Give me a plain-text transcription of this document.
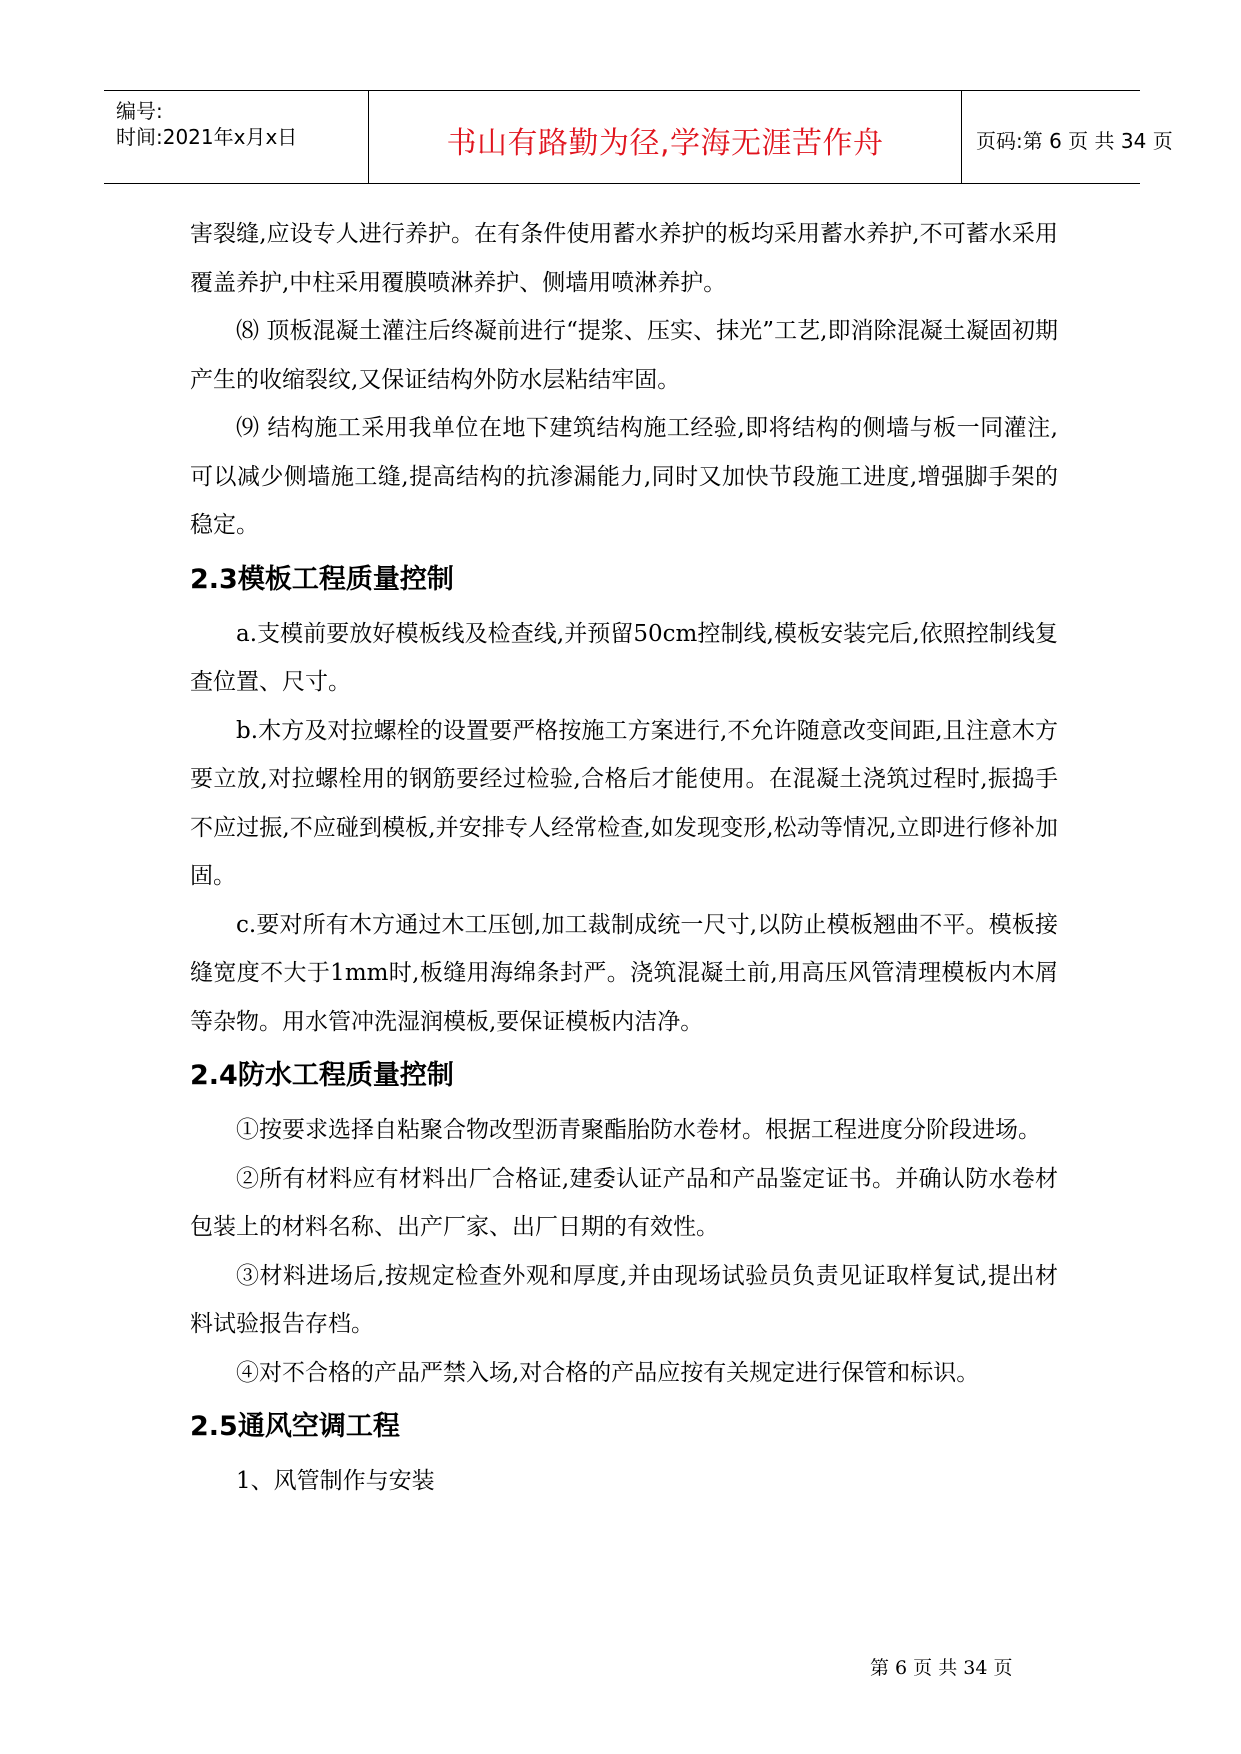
编号:
时间:2021年x月x日	书山有路勤为径,学海无涯苦作舟	页码:第 6 页 共 34 页

害裂缝,应设专人进行养护。在有条件使用蓄水养护的板均采用蓄水养护,不可蓄水采用覆盖养护,中柱采用覆膜喷淋养护、侧墙用喷淋养护。

⑻ 顶板混凝土灌注后终凝前进行“提浆、压实、抹光”工艺,即消除混凝土凝固初期产生的收缩裂纹,又保证结构外防水层粘结牢固。

⑼ 结构施工采用我单位在地下建筑结构施工经验,即将结构的侧墙与板一同灌注,可以减少侧墙施工缝,提高结构的抗渗漏能力,同时又加快节段施工进度,增强脚手架的稳定。

2.3模板工程质量控制

a.支模前要放好模板线及检查线,并预留50cm控制线,模板安装完后,依照控制线复查位置、尺寸。

b.木方及对拉螺栓的设置要严格按施工方案进行,不允许随意改变间距,且注意木方要立放,对拉螺栓用的钢筋要经过检验,合格后才能使用。在混凝土浇筑过程时,振捣手不应过振,不应碰到模板,并安排专人经常检查,如发现变形,松动等情况,立即进行修补加固。

c.要对所有木方通过木工压刨,加工裁制成统一尺寸,以防止模板翘曲不平。模板接缝宽度不大于1mm时,板缝用海绵条封严。浇筑混凝土前,用高压风管清理模板内木屑等杂物。用水管冲洗湿润模板,要保证模板内洁净。

2.4防水工程质量控制

①按要求选择自粘聚合物改型沥青聚酯胎防水卷材。根据工程进度分阶段进场。

②所有材料应有材料出厂合格证,建委认证产品和产品鉴定证书。并确认防水卷材包装上的材料名称、出产厂家、出厂日期的有效性。

③材料进场后,按规定检查外观和厚度,并由现场试验员负责见证取样复试,提出材料试验报告存档。

④对不合格的产品严禁入场,对合格的产品应按有关规定进行保管和标识。

2.5通风空调工程

1、风管制作与安装

第 6 页 共 34 页
